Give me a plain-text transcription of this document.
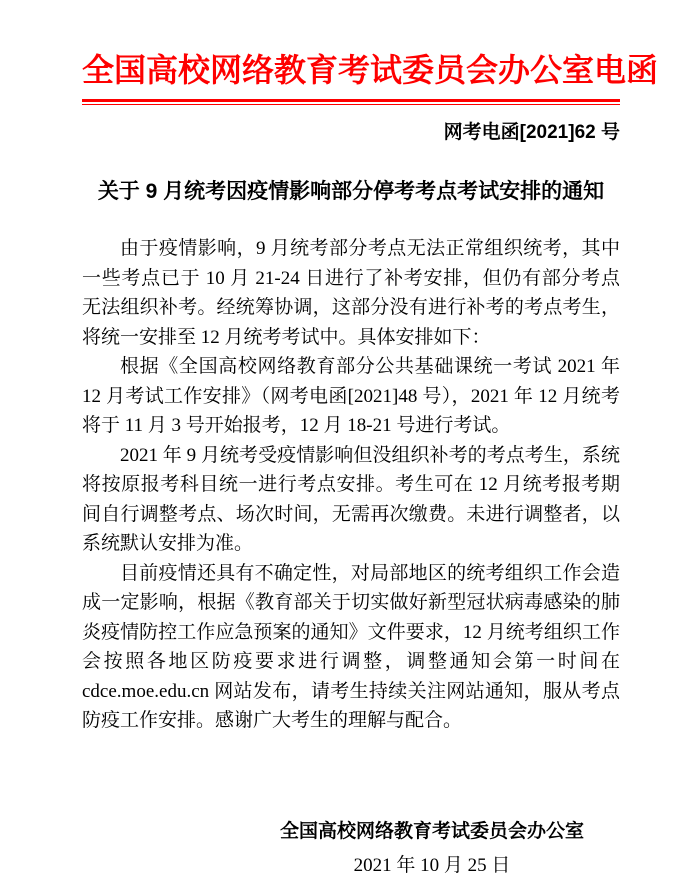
全国高校网络教育考试委员会办公室电函
网考电函[2021]62 号
关于 9 月统考因疫情影响部分停考考点考试安排的通知

由于疫情影响，9 月统考部分考点无法正常组织统考，其中一些考点已于 10 月 21-24 日进行了补考安排，但仍有部分考点无法组织补考。经统筹协调，这部分没有进行补考的考点考生，将统一安排至 12 月统考考试中。具体安排如下：

根据《全国高校网络教育部分公共基础课统一考试 2021 年 12 月考试工作安排》（网考电函[2021]48 号），2021 年 12 月统考将于 11 月 3 号开始报考，12 月 18-21 号进行考试。

2021 年 9 月统考受疫情影响但没组织补考的考点考生，系统将按原报考科目统一进行考点安排。考生可在 12 月统考报考期间自行调整考点、场次时间，无需再次缴费。未进行调整者，以系统默认安排为准。

目前疫情还具有不确定性，对局部地区的统考组织工作会造成一定影响，根据《教育部关于切实做好新型冠状病毒感染的肺炎疫情防控工作应急预案的通知》文件要求，12 月统考组织工作会按照各地区防疫要求进行调整，调整通知会第一时间在 cdce.moe.edu.cn 网站发布，请考生持续关注网站通知，服从考点防疫工作安排。感谢广大考生的理解与配合。

全国高校网络教育考试委员会办公室
2021 年 10 月 25 日
